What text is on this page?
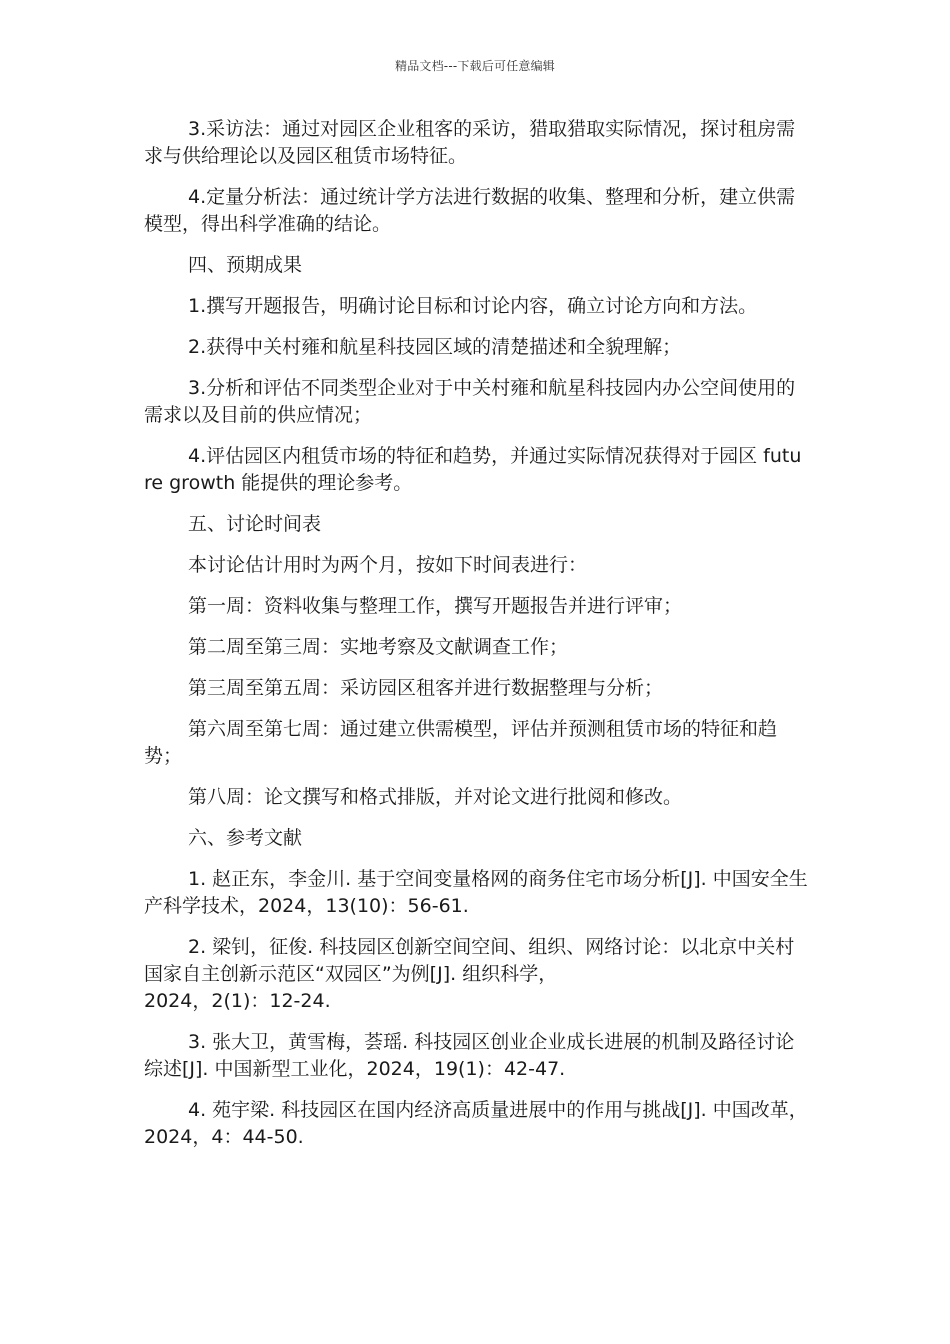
精品文档---下载后可任意编辑

3.采访法：通过对园区企业租客的采访，猎取猎取实际情况，探讨租房需求与供给理论以及园区租赁市场特征。

4.定量分析法：通过统计学方法进行数据的收集、整理和分析，建立供需模型，得出科学准确的结论。

四、预期成果

1.撰写开题报告，明确讨论目标和讨论内容，确立讨论方向和方法。

2.获得中关村雍和航星科技园区域的清楚描述和全貌理解；

3.分析和评估不同类型企业对于中关村雍和航星科技园内办公空间使用的需求以及目前的供应情况；

4.评估园区内租赁市场的特征和趋势，并通过实际情况获得对于园区 future growth 能提供的理论参考。

五、讨论时间表

本讨论估计用时为两个月，按如下时间表进行：

第一周：资料收集与整理工作，撰写开题报告并进行评审；

第二周至第三周：实地考察及文献调查工作；

第三周至第五周：采访园区租客并进行数据整理与分析；

第六周至第七周：通过建立供需模型，评估并预测租赁市场的特征和趋势；

第八周：论文撰写和格式排版，并对论文进行批阅和修改。

六、参考文献

1. 赵正东，李金川. 基于空间变量格网的商务住宅市场分析[J]. 中国安全生产科学技术，2024，13(10)：56-61.

2. 梁钊，征俊. 科技园区创新空间空间、组织、网络讨论：以北京中关村国家自主创新示范区“双园区”为例[J]. 组织科学，
2024，2(1)：12-24.

3. 张大卫，黄雪梅，荟瑶. 科技园区创业企业成长进展的机制及路径讨论综述[J]. 中国新型工业化，2024，19(1)：42-47.

4. 苑宇梁. 科技园区在国内经济高质量进展中的作用与挑战[J]. 中国改革，2024，4：44-50.
